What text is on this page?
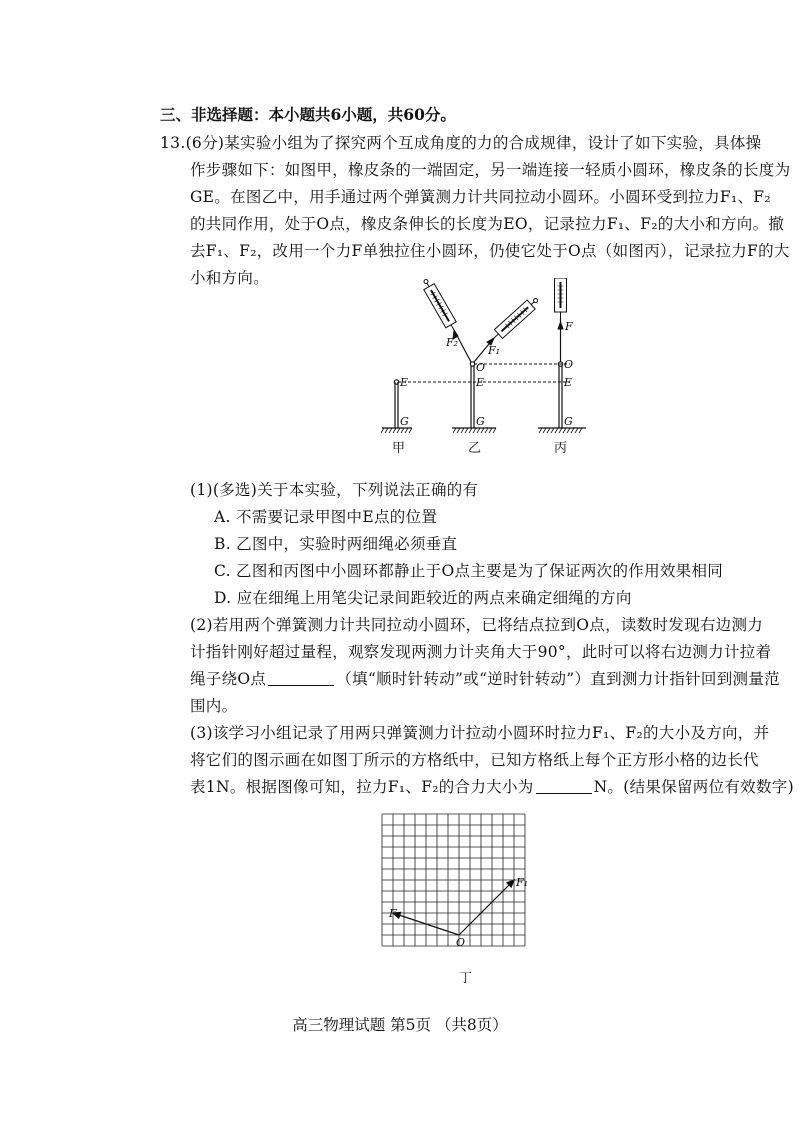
三、非选择题：本小题共6小题，共60分。
13.(6分)某实验小组为了探究两个互成角度的力的合成规律，设计了如下实验，具体操
作步骤如下：如图甲，橡皮条的一端固定，另一端连接一轻质小圆环，橡皮条的长度为
GE。在图乙中，用手通过两个弹簧测力计共同拉动小圆环。小圆环受到拉力F₁、F₂
的共同作用，处于O点，橡皮条伸长的长度为EO，记录拉力F₁、F₂的大小和方向。撤
去F₁、F₂，改用一个力F单独拉住小圆环，仍使它处于O点（如图丙），记录拉力F的大
小和方向。
E
G
O
E
G
F₂
F₁
O
E
G
F
甲	乙	丙
(1)(多选)关于本实验，下列说法正确的有
A. 不需要记录甲图中E点的位置
B. 乙图中，实验时两细绳必须垂直
C. 乙图和丙图中小圆环都静止于O点主要是为了保证两次的作用效果相同
D. 应在细绳上用笔尖记录间距较近的两点来确定细绳的方向
(2)若用两个弹簧测力计共同拉动小圆环，已将结点拉到O点，读数时发现右边测力
计指针刚好超过量程，观察发现两测力计夹角大于90°，此时可以将右边测力计拉着
绳子绕O点	（填“顺时针转动”或“逆时针转动”）直到测力计指针回到测量范
围内。
(3)该学习小组记录了用两只弹簧测力计拉动小圆环时拉力F₁、F₂的大小及方向，并
将它们的图示画在如图丁所示的方格纸中，已知方格纸上每个正方形小格的边长代
表1N。根据图像可知，拉力F₁、F₂的合力大小为	N。(结果保留两位有效数字)
O
F₁
F₂
丁
高三物理试题 第5页 （共8页）
